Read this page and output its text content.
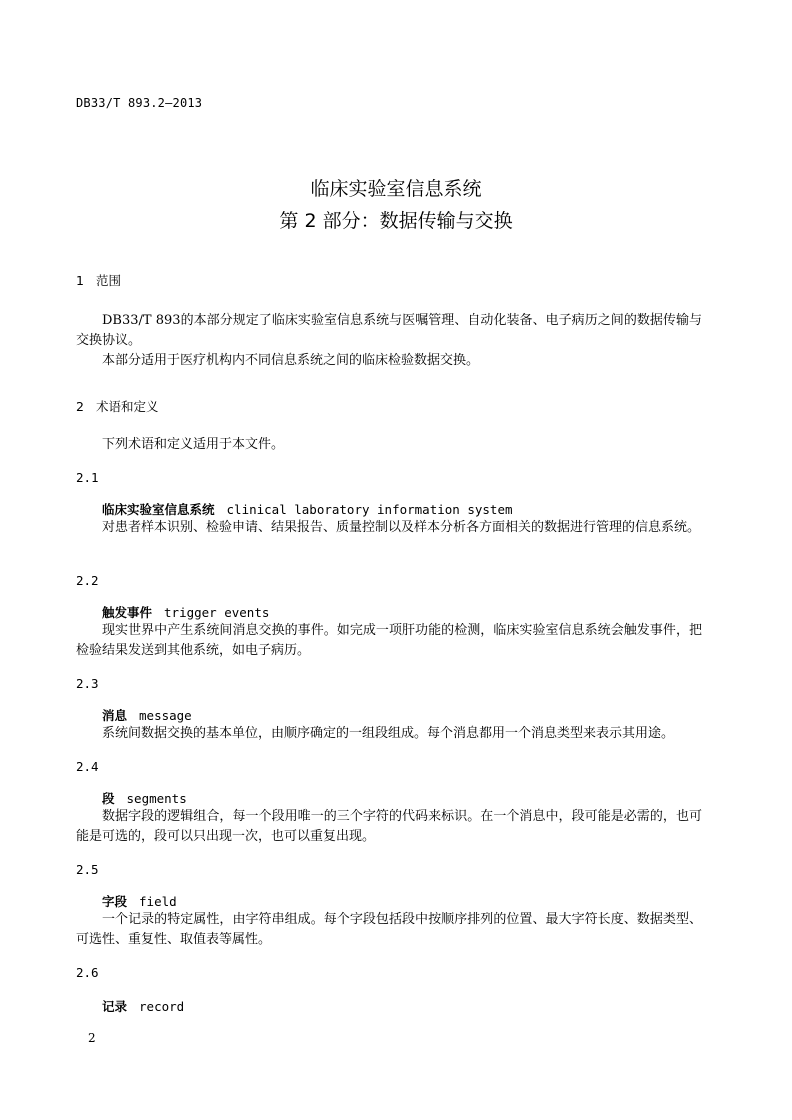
DB33/T 893.2—2013
临床实验室信息系统
第 2 部分：数据传输与交换
1 范围
DB33/T 893的本部分规定了临床实验室信息系统与医嘱管理、自动化装备、电子病历之间的数据传输与交换协议。
本部分适用于医疗机构内不同信息系统之间的临床检验数据交换。
2 术语和定义
下列术语和定义适用于本文件。
2.1
临床实验室信息系统 clinical laboratory information system
对患者样本识别、检验申请、结果报告、质量控制以及样本分析各方面相关的数据进行管理的信息系统。
2.2
触发事件 trigger events
现实世界中产生系统间消息交换的事件。如完成一项肝功能的检测，临床实验室信息系统会触发事件，把检验结果发送到其他系统，如电子病历。
2.3
消息 message
系统间数据交换的基本单位，由顺序确定的一组段组成。每个消息都用一个消息类型来表示其用途。
2.4
段 segments
数据字段的逻辑组合，每一个段用唯一的三个字符的代码来标识。在一个消息中，段可能是必需的，也可能是可选的，段可以只出现一次，也可以重复出现。
2.5
字段 field
一个记录的特定属性，由字符串组成。每个字段包括段中按顺序排列的位置、最大字符长度、数据类型、可选性、重复性、取值表等属性。
2.6
记录 record
2
